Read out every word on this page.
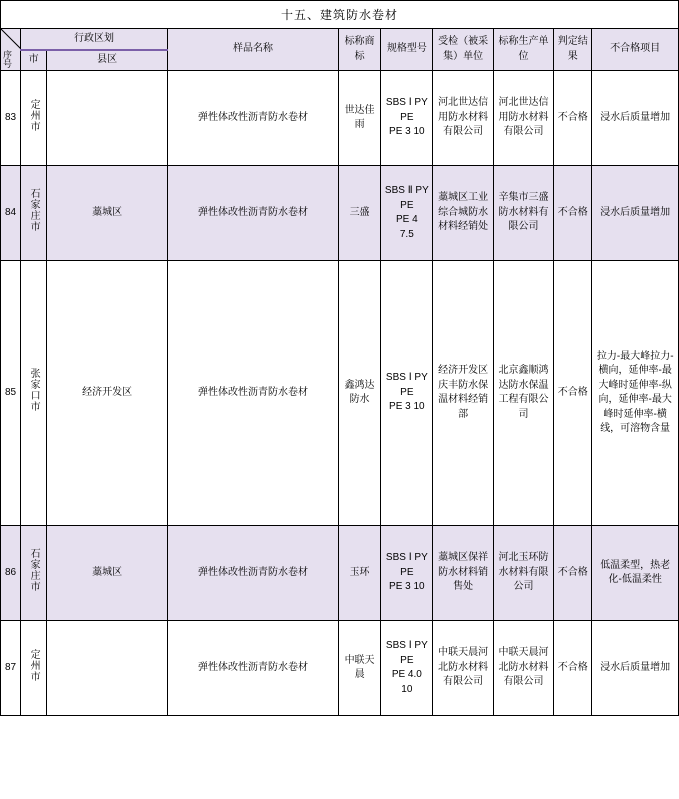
十五、建筑防水卷材
序号	行政区划		样品名称	标称商标	规格型号	受检（被采集）单位	标称生产单位	判定结果	不合格项目
	市	县区							
83	定州市		弹性体改性沥青防水卷材	世达佳雨	SBS Ⅰ PY PE
PE 3 10	河北世达信用防水材料有限公司	河北世达信用防水材料有限公司	不合格	浸水后质量增加
84	石家庄市	藁城区	弹性体改性沥青防水卷材	三盛	SBS Ⅱ PY PE
PE 4
7.5	藁城区工业综合城防水材料经销处	辛集市三盛防水材料有限公司	不合格	浸水后质量增加
85	张家口市	经济开发区	弹性体改性沥青防水卷材	鑫鸿达防水	SBS Ⅰ PY PE
PE 3 10	经济开发区庆丰防水保温材料经销部	北京鑫顺鸿达防水保温工程有限公司	不合格	拉力-最大峰拉力-横向，延伸率-最大峰时延伸率-纵向，延伸率-最大峰时延伸率-横线，可溶物含量
86	石家庄市	藁城区	弹性体改性沥青防水卷材	玉环	SBS Ⅰ PY PE
PE 3 10	藁城区保祥防水材料销售处	河北玉环防水材料有限公司	不合格	低温柔型，热老化-低温柔性
87	定州市		弹性体改性沥青防水卷材	中联天晨	SBS Ⅰ PY PE
PE 4.0
10	中联天晨河北防水材料有限公司	中联天晨河北防水材料有限公司	不合格	浸水后质量增加
